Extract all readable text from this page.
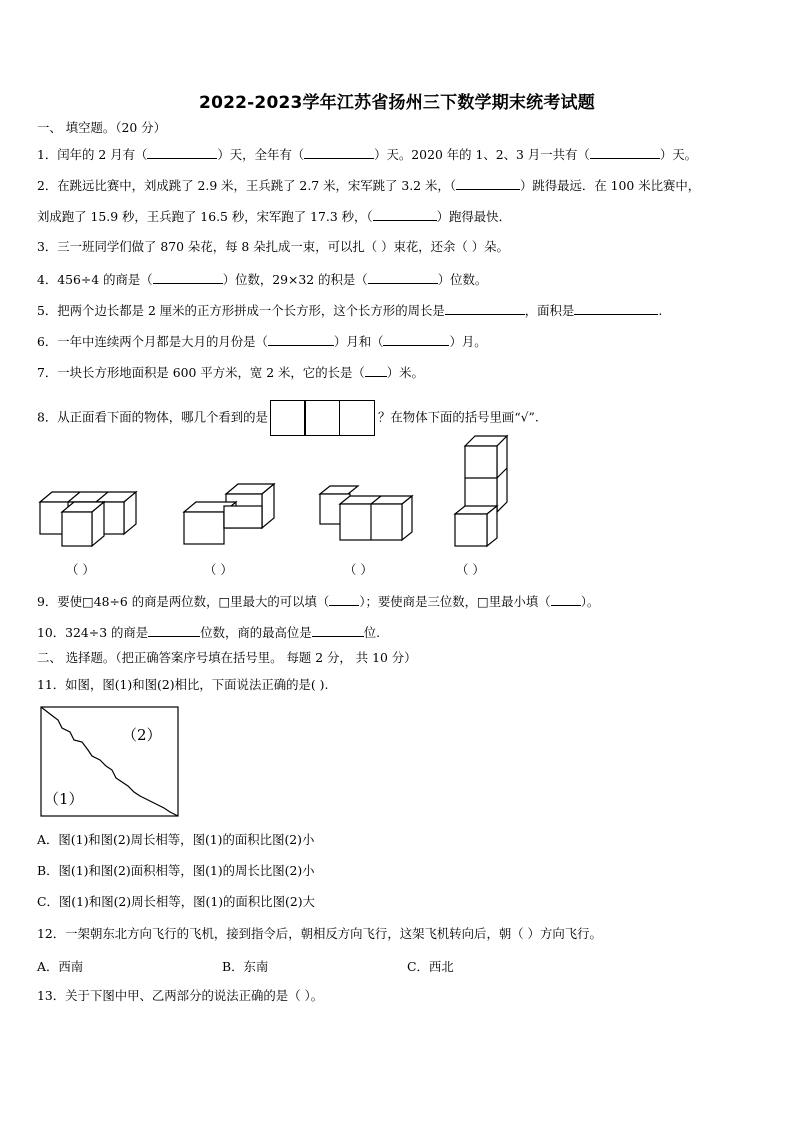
2022-2023学年江苏省扬州三下数学期末统考试题
一、 填空题。（20 分）
1．闰年的 2 月有（	）天，全年有（	）天。2020 年的 1、2、3 月一共有（	）天。
2．在跳远比赛中，刘成跳了 2.9 米，王兵跳了 2.7 米，宋军跳了 3.2 米，（	）跳得最远．在 100 米比赛中，
刘成跑了 15.9 秒，王兵跑了 16.5 秒，宋军跑了 17.3 秒，（	）跑得最快．
3．三一班同学们做了 870 朵花，每 8 朵扎成一束，可以扎（ ）束花，还余（ ）朵。
4．456÷4 的商是（	）位数，29×32 的积是（	）位数。
5．把两个边长都是 2 厘米的正方形拼成一个长方形，这个长方形的周长是	，面积是	.
6．一年中连续两个月都是大月的月份是（	）月和（	）月。
7．一块长方形地面积是 600 平方米，宽 2 米，它的长是（ ）米。
8．从正面看下面的物体，哪几个看到的是	？在物体下面的括号里画“√”.
（ ）	（ ）	（ ）	（ ）
9．要使□48÷6 的商是两位数，□里最大的可以填（ ）；要使商是三位数，□里最小填（ ）。
10．324÷3 的商是	位数，商的最高位是	位.
二、 选择题。（把正确答案序号填在括号里。 每题 2 分， 共 10 分）
11．如图，图(1)和图(2)相比，下面说法正确的是( ).
（2）
（1）
A．图(1)和图(2)周长相等，图(1)的面积比图(2)小
B．图(1)和图(2)面积相等，图(1)的周长比图(2)小
C．图(1)和图(2)周长相等，图(1)的面积比图(2)大
12．一架朝东北方向飞行的飞机，接到指令后，朝相反方向飞行，这架飞机转向后，朝（ ）方向飞行。
A．西南	B．东南	C．西北
13．关于下图中甲、乙两部分的说法正确的是（ ）。
